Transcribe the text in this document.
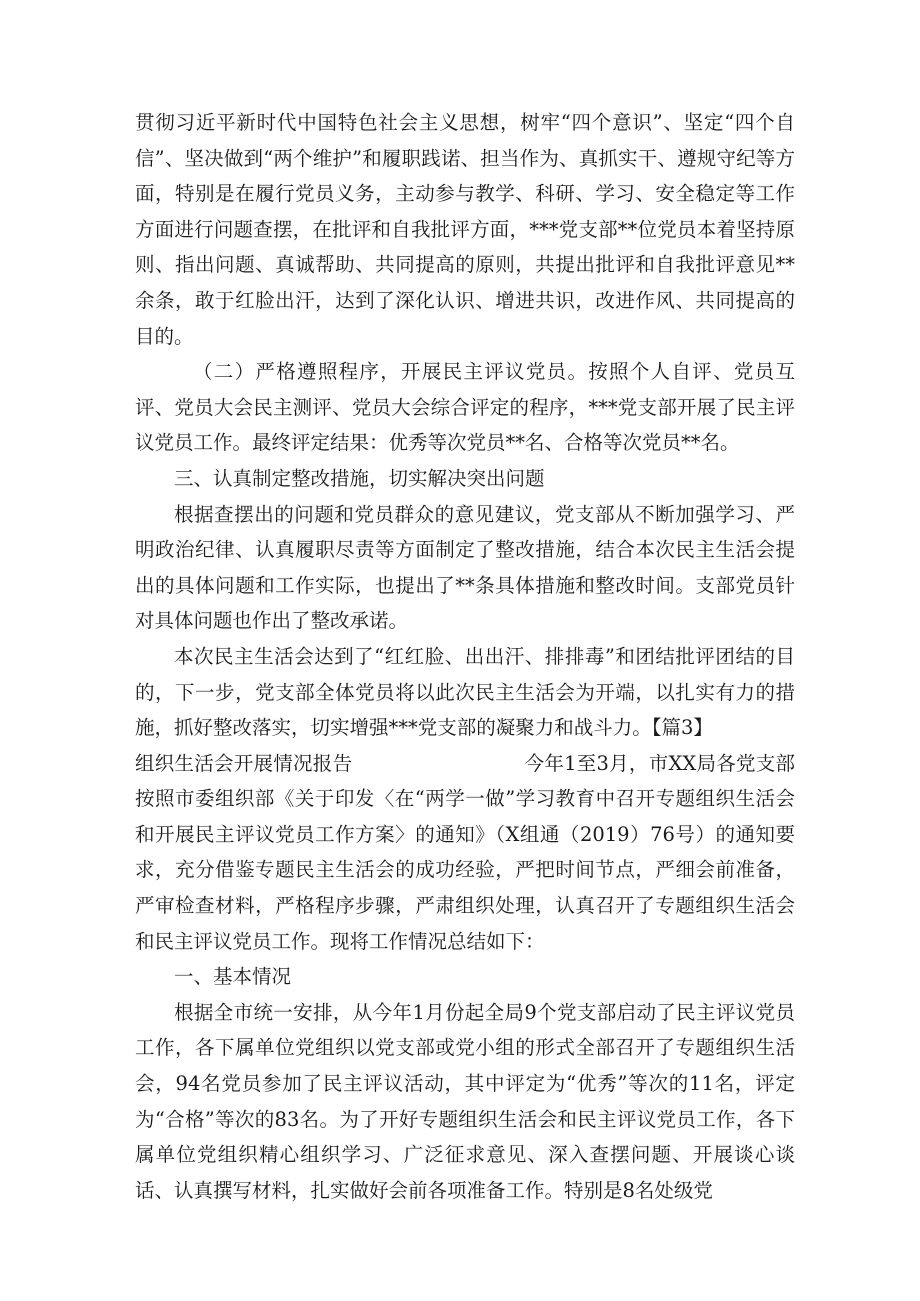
贯彻习近平新时代中国特色社会主义思想，树牢“四个意识”、坚定“四个自信”、坚决做到“两个维护”和履职践诺、担当作为、真抓实干、遵规守纪等方面，特别是在履行党员义务，主动参与教学、科研、学习、安全稳定等工作方面进行问题查摆，在批评和自我批评方面，***党支部**位党员本着坚持原则、指出问题、真诚帮助、共同提高的原则，共提出批评和自我批评意见**余条，敢于红脸出汗，达到了深化认识、增进共识，改进作风、共同提高的目的。

（二）严格遵照程序，开展民主评议党员。按照个人自评、党员互评、党员大会民主测评、党员大会综合评定的程序，***党支部开展了民主评议党员工作。最终评定结果：优秀等次党员**名、合格等次党员**名。

三、认真制定整改措施，切实解决突出问题

根据查摆出的问题和党员群众的意见建议，党支部从不断加强学习、严明政治纪律、认真履职尽责等方面制定了整改措施，结合本次民主生活会提出的具体问题和工作实际，也提出了**条具体措施和整改时间。支部党员针对具体问题也作出了整改承诺。

本次民主生活会达到了“红红脸、出出汗、排排毒”和团结批评团结的目的，下一步，党支部全体党员将以此次民主生活会为开端，以扎实有力的措施，抓好整改落实，切实增强***党支部的凝聚力和战斗力。【篇3】

组织生活会开展情况报告	今年1至3月，市XX局各党支部按照市委组织部《关于印发〈在“两学一做”学习教育中召开专题组织生活会和开展民主评议党员工作方案〉的通知》（X组通（2019）76号）的通知要求，充分借鉴专题民主生活会的成功经验，严把时间节点，严细会前准备，严审检查材料，严格程序步骤，严肃组织处理，认真召开了专题组织生活会和民主评议党员工作。现将工作情况总结如下：

一、基本情况

根据全市统一安排，从今年1月份起全局9个党支部启动了民主评议党员工作，各下属单位党组织以党支部或党小组的形式全部召开了专题组织生活会，94名党员参加了民主评议活动，其中评定为“优秀”等次的11名，评定为“合格”等次的83名。为了开好专题组织生活会和民主评议党员工作，各下属单位党组织精心组织学习、广泛征求意见、深入查摆问题、开展谈心谈话、认真撰写材料，扎实做好会前各项准备工作。特别是8名处级党
